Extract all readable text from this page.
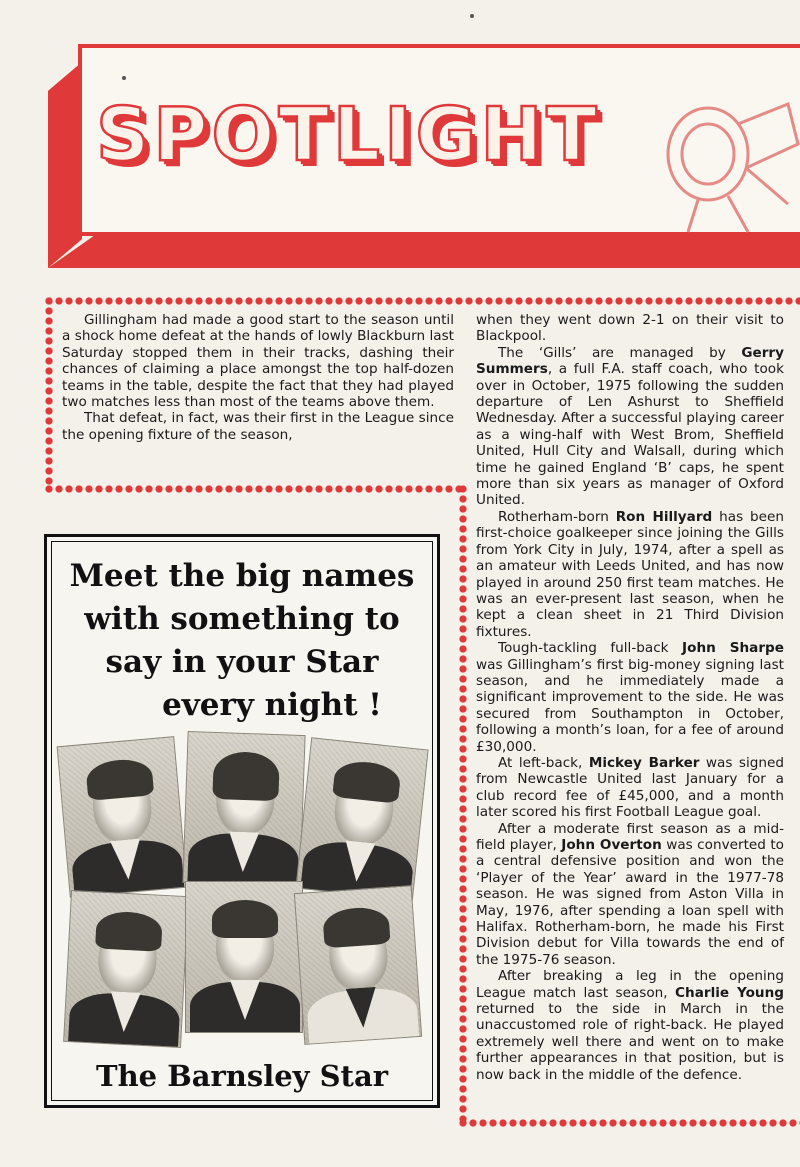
SPOTLIGHT

Gillingham had made a good start to the season until a shock home defeat at the hands of lowly Blackburn last Saturday stopped them in their tracks, dashing their chances of claiming a place amongst the top half-dozen teams in the table, despite the fact that they had played two matches less than most of the teams above them.

That defeat, in fact, was their first in the League since the opening fixture of the season,

when they went down 2-1 on their visit to Blackpool.

The ‘Gills’ are managed by Gerry Summers, a full F.A. staff coach, who took over in October, 1975 following the sudden departure of Len Ashurst to Sheffield Wednesday. After a successful playing career as a wing-half with West Brom, Sheffield United, Hull City and Walsall, during which time he gained England ‘B’ caps, he spent more than six years as manager of Oxford United.

Rotherham-born Ron Hillyard has been first-choice goalkeeper since joining the Gills from York City in July, 1974, after a spell as an amateur with Leeds United, and has now played in around 250 first team matches. He was an ever-present last season, when he kept a clean sheet in 21 Third Division fixtures.

Tough-tackling full-back John Sharpe was Gillingham’s first big-money signing last season, and he immediately made a significant improvement to the side. He was secured from Southampton in October, following a month’s loan, for a fee of around £30,000.

At left-back, Mickey Barker was signed from Newcastle United last January for a club record fee of £45,000, and a month later scored his first Football League goal.

After a moderate first season as a mid-field player, John Overton was converted to a central defensive position and won the ‘Player of the Year’ award in the 1977-78 season. He was signed from Aston Villa in May, 1976, after spending a loan spell with Halifax. Rotherham-born, he made his First Division debut for Villa towards the end of the 1975-76 season.

After breaking a leg in the opening League match last season, Charlie Young returned to the side in March in the unaccustomed role of right-back. He played extremely well there and went on to make further appearances in that position, but is now back in the middle of the defence.

Meet the big names
with something to
say in your Star
every night !
The Barnsley Star
